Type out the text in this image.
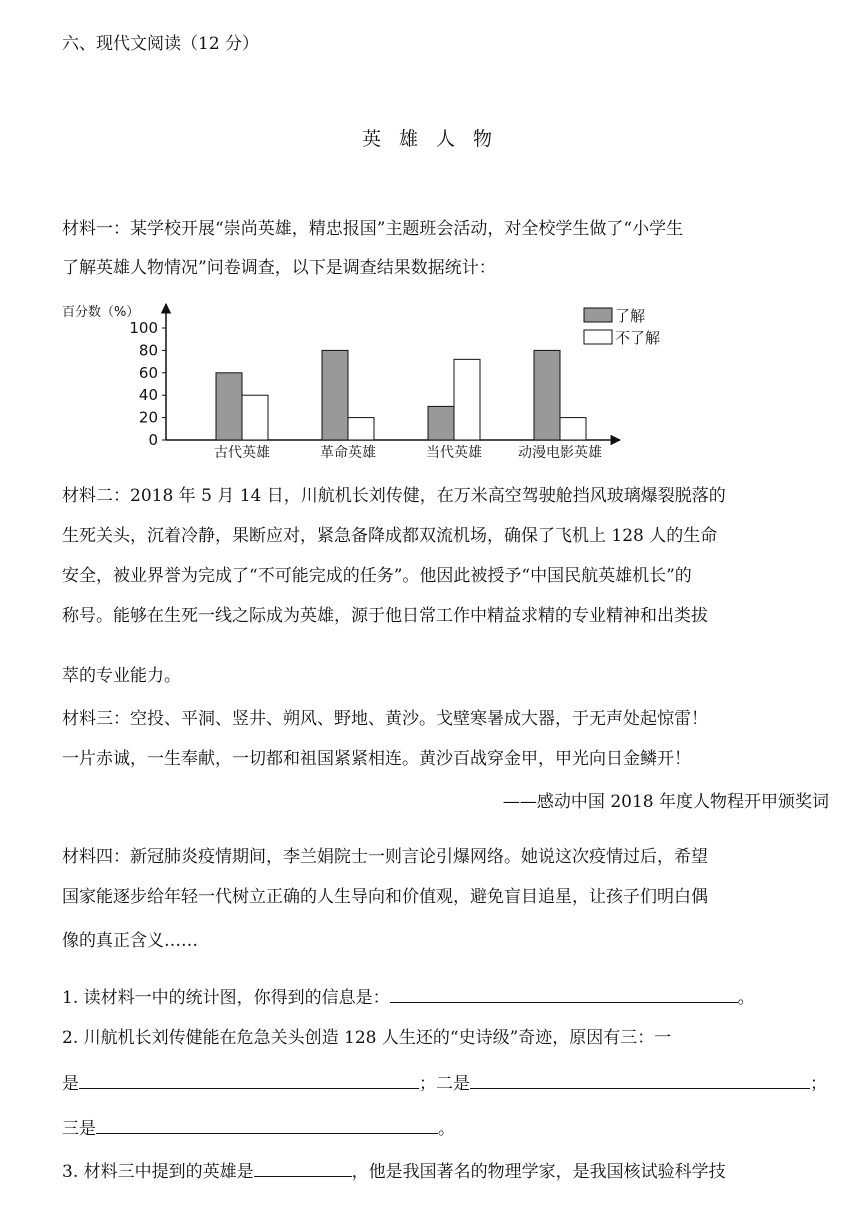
六、现代文阅读（12 分）
英 雄 人 物
材料一：某学校开展“崇尚英雄，精忠报国”主题班会活动，对全校学生做了“小学生
了解英雄人物情况”问卷调查，以下是调查结果数据统计：
百分数（%）
0
20
40
60
80
100
古代英雄	革命英雄	当代英雄	动漫电影英雄
了解
不了解
材料二：2018 年 5 月 14 日，川航机长刘传健，在万米高空驾驶舱挡风玻璃爆裂脱落的
生死关头，沉着冷静，果断应对，紧急备降成都双流机场，确保了飞机上 128 人的生命
安全，被业界誉为完成了“不可能完成的任务”。他因此被授予“中国民航英雄机长”的
称号。能够在生死一线之际成为英雄，源于他日常工作中精益求精的专业精神和出类拔
萃的专业能力。
材料三：空投、平洞、竖井、朔风、野地、黄沙。戈壁寒暑成大器，于无声处起惊雷！
一片赤诚，一生奉献，一切都和祖国紧紧相连。黄沙百战穿金甲，甲光向日金鳞开！
——感动中国 2018 年度人物程开甲颁奖词
材料四：新冠肺炎疫情期间，李兰娟院士一则言论引爆网络。她说这次疫情过后，希望
国家能逐步给年轻一代树立正确的人生导向和价值观，避免盲目追星，让孩子们明白偶
像的真正含义……
1. 读材料一中的统计图，你得到的信息是：	。
2. 川航机长刘传健能在危急关头创造 128 人生还的“史诗级”奇迹，原因有三：一
是	；二是	；
三是	。
3. 材料三中提到的英雄是	，他是我国著名的物理学家，是我国核试验科学技
